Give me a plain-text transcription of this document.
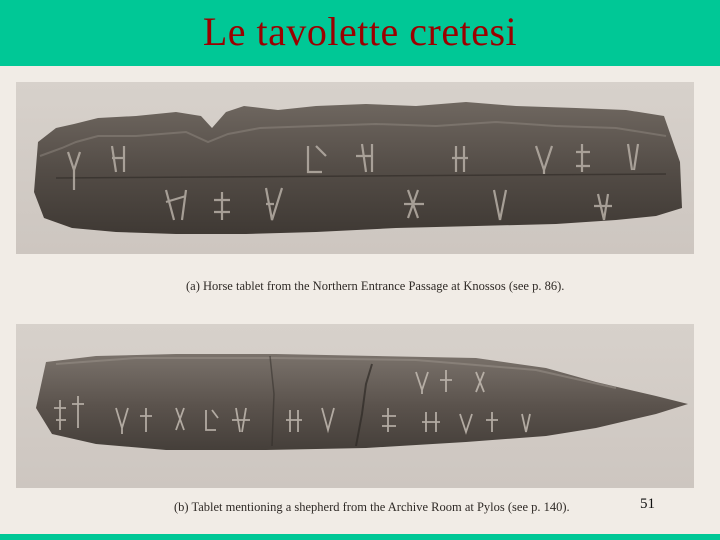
Le tavolette cretesi
(a) Horse tablet from the Northern Entrance Passage at Knossos (see p. 86).
(b) Tablet mentioning a shepherd from the Archive Room at Pylos (see p. 140).	51
